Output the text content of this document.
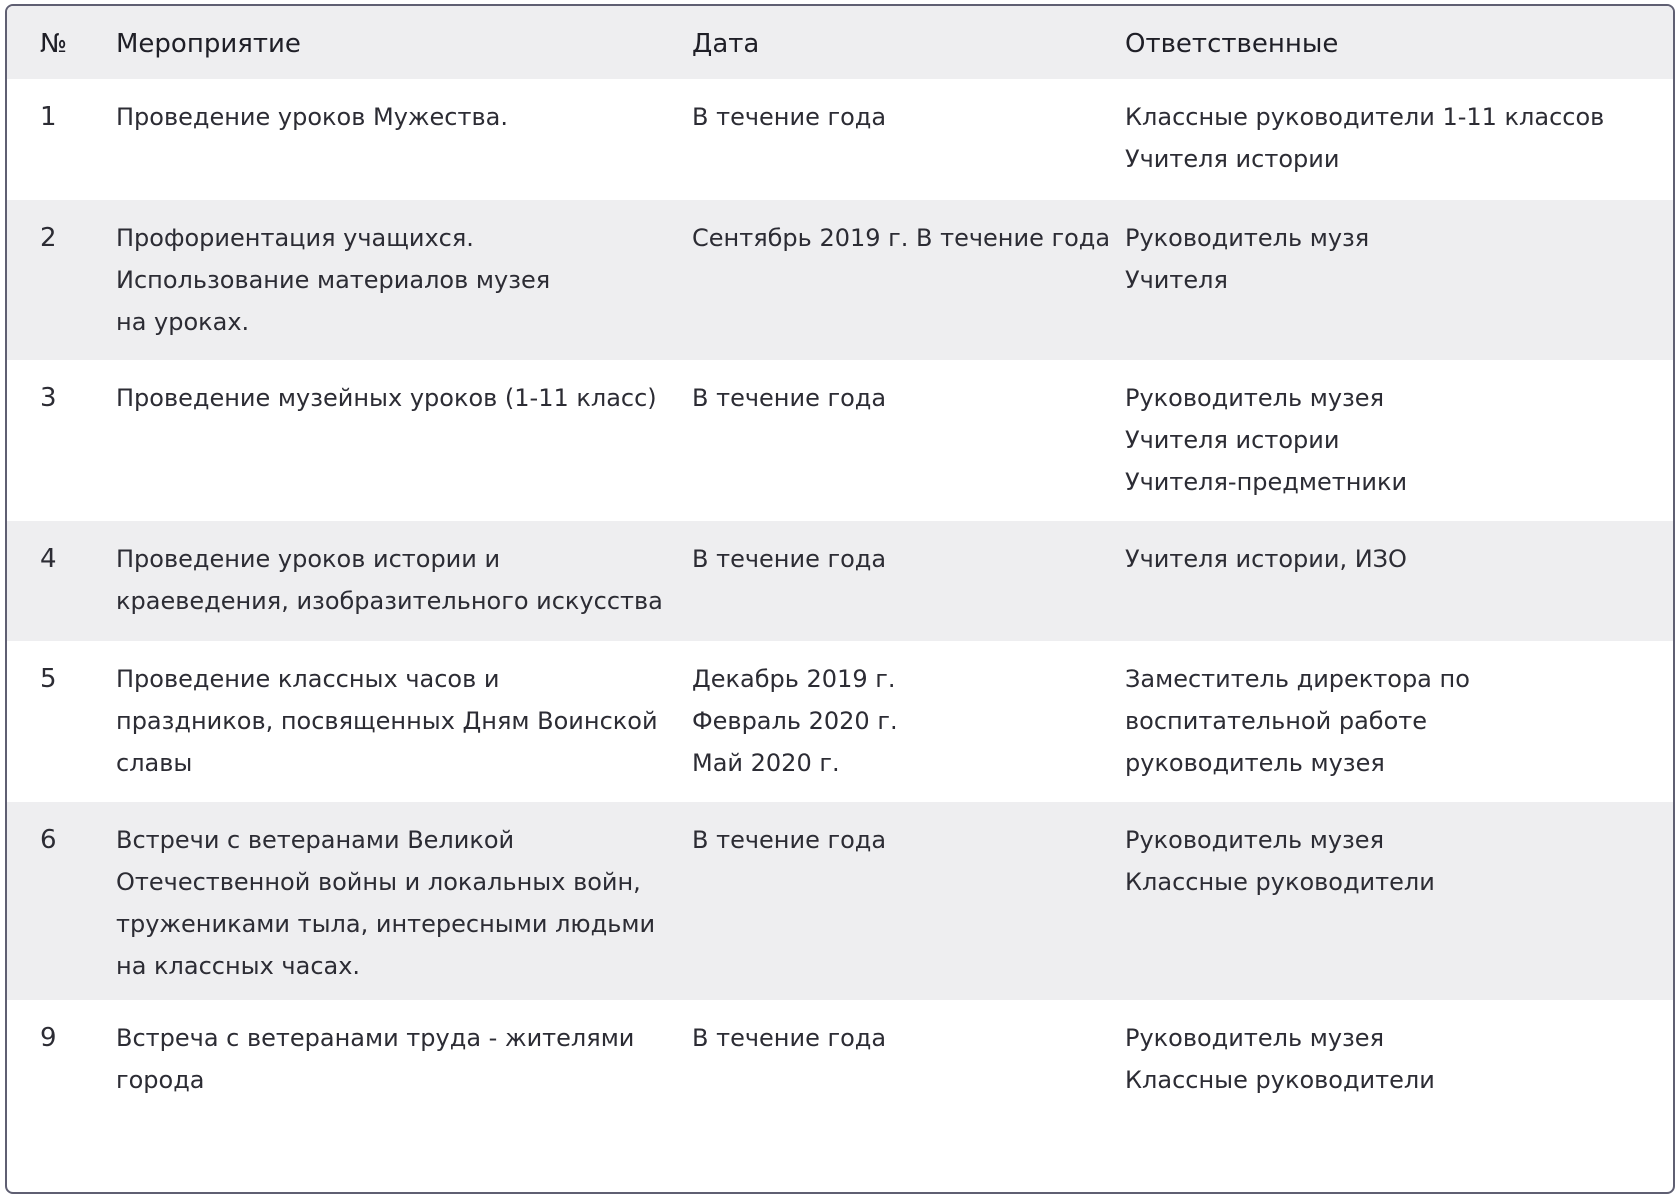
№	Мероприятие	Дата	Ответственные
1	Проведение уроков Мужества.	В течение года	Классные руководители 1-11 классов
Учителя истории

2	Профориентация учащихся.
Использование материалов музея
на уроках.	Сентябрь 2019 г. В течение года	Руководитель музя
Учителя

3	Проведение музейных уроков (1-11 класс)	В течение года	Руководитель музея
Учителя истории
Учителя-предметники

4	Проведение уроков истории и
краеведения, изобразительного искусства	В течение года	Учителя истории, ИЗО

5	Проведение классных часов и
праздников, посвященных Дням Воинской
славы	Декабрь 2019 г.
Февраль 2020 г.
Май 2020 г.	Заместитель директора по
воспитательной работе
руководитель музея

6	Встречи с ветеранами Великой
Отечественной войны и локальных войн,
тружениками тыла, интересными людьми
на классных часах.	В течение года	Руководитель музея
Классные руководители

9	Встреча с ветеранами труда - жителями
города	В течение года	Руководитель музея
Классные руководители
